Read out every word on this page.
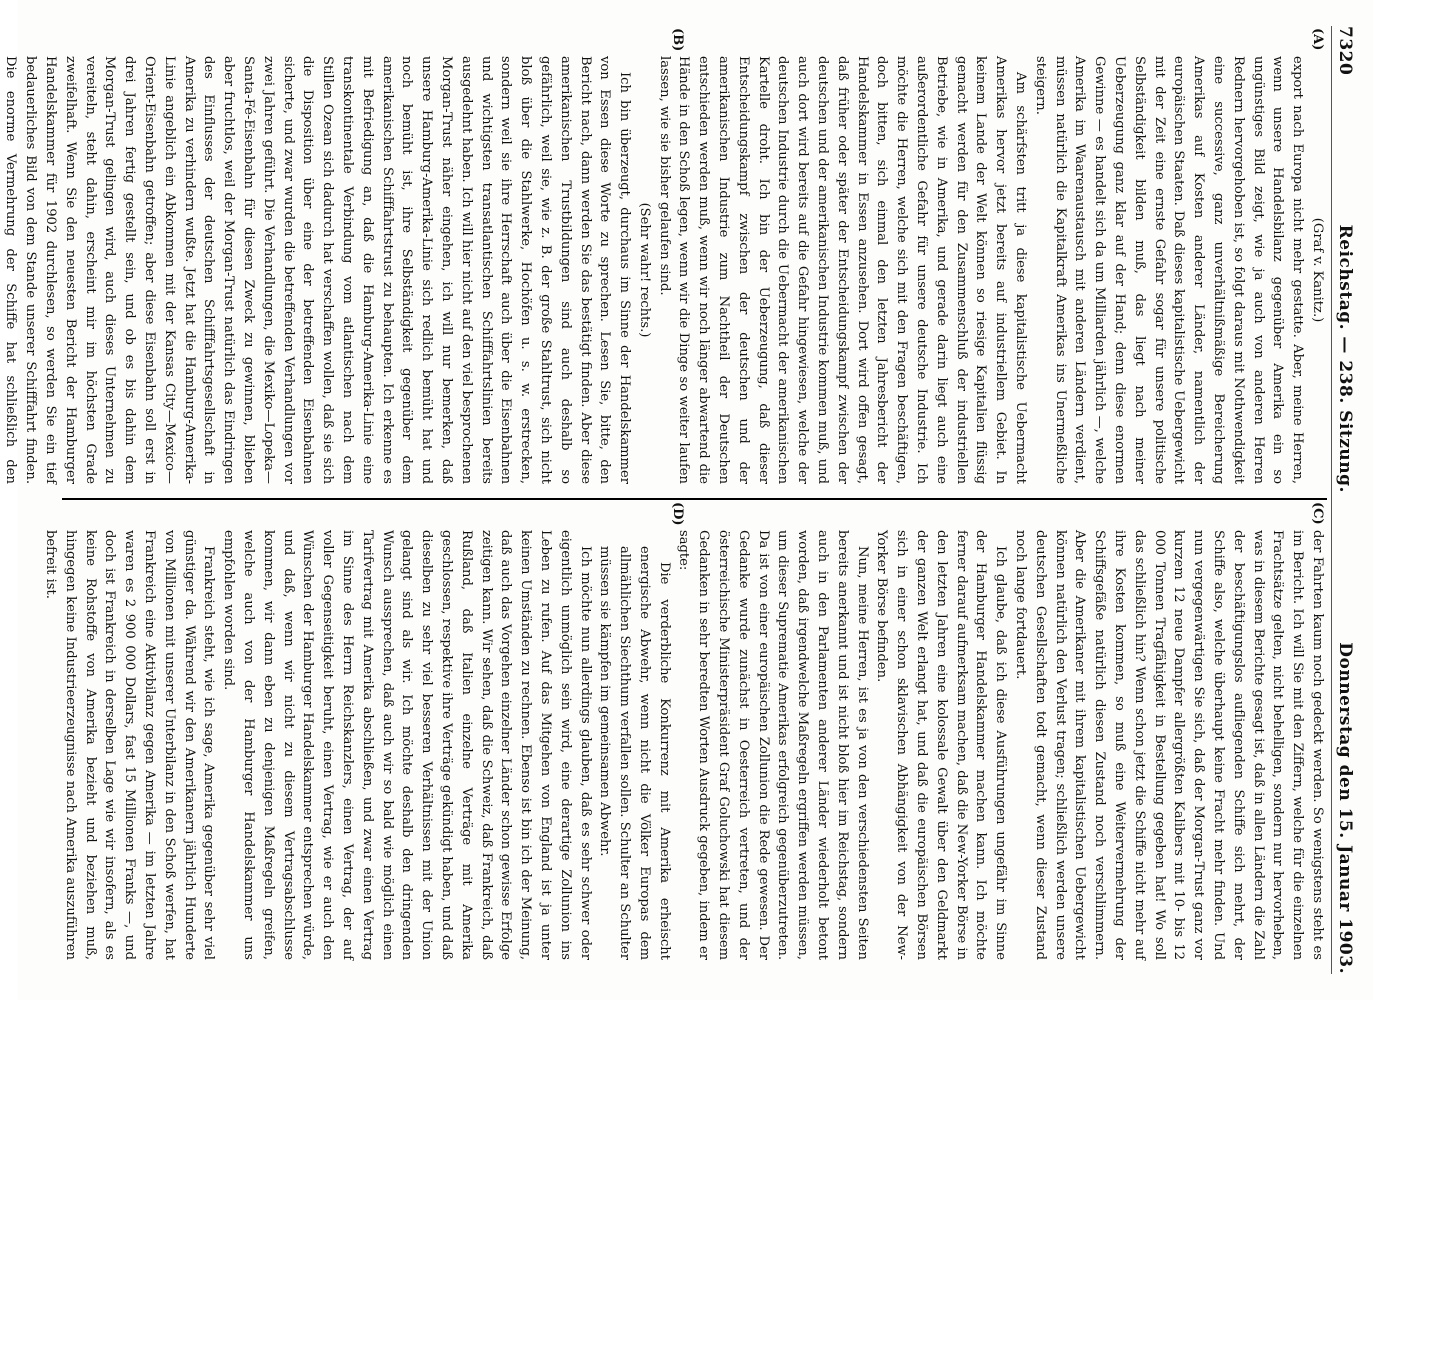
7320
Reichstag. — 238. Sitzung.
Donnerstag den 15. Januar 1903.
(A)
(B)

(Graf v. Kanitz.)

export nach Europa nicht mehr gestatte. Aber, meine Herren, wenn unsere Handelsbilanz gegenüber Amerika ein so ungünstiges Bild zeigt, wie ja auch von anderen Herren Rednern hervorgehoben ist, so folgt daraus mit Nothwendigkeit eine successive, ganz unverhältnißmäßige Bereicherung Amerikas auf Kosten anderer Länder, namentlich der europäischen Staaten. Daß dieses kapitalistische Uebergewicht mit der Zeit eine ernste Gefahr sogar für unsere politische Selbständigkeit bilden muß, das liegt nach meiner Ueberzeugung ganz klar auf der Hand; denn diese enormen Gewinne — es handelt sich da um Milliarden jährlich —, welche Amerika im Waarenaustausch mit anderen Ländern verdient, müssen natürlich die Kapitalkraft Amerikas ins Unermeßliche steigern.

Am schärfsten tritt ja diese kapitalistische Uebermacht Amerikas hervor jetzt bereits auf industriellem Gebiet. In keinem Lande der Welt können so riesige Kapitalien flüssig gemacht werden für den Zusammenschluß der industriellen Betriebe, wie in Amerika, und gerade darin liegt auch eine außerordentliche Gefahr für unsere deutsche Industrie. Ich möchte die Herren, welche sich mit den Fragen beschäftigen, doch bitten, sich einmal den letzten Jahresbericht der Handelskammer in Essen anzusehen. Dort wird offen gesagt, daß früher oder später der Entscheidungskampf zwischen der deutschen und der amerikanischen Industrie kommen muß, und auch dort wird bereits auf die Gefahr hingewiesen, welche der deutschen Industrie durch die Uebermacht der amerikanischen Kartelle droht. Ich bin der Ueberzeugung, daß dieser Entscheidungskampf zwischen der deutschen und der amerikanischen Industrie zum Nachtheil der Deutschen entschieden werden muß, wenn wir noch länger abwartend die Hände in den Schoß legen, wenn wir die Dinge so weiter laufen lassen, wie sie bisher gelaufen sind.

(Sehr wahr! rechts.)

Ich bin überzeugt, durchaus im Sinne der Handelskammer von Essen diese Worte zu sprechen. Lesen Sie, bitte, den Bericht nach, dann werden Sie das bestätigt finden. Aber diese amerikanischen Trustbildungen sind auch deshalb so gefährlich, weil sie, wie z. B. der große Stahltrust, sich nicht bloß über die Stahlwerke, Hochöfen u. s. w. erstrecken, sondern weil sie ihre Herrschaft auch über die Eisenbahnen und wichtigsten transatlantischen Schifffahrtslinien bereits ausgedehnt haben. Ich will hier nicht auf den viel besprochenen Morgan-Trust näher eingehen, ich will nur bemerken, daß unsere Hamburg-Amerika-Linie sich redlich bemüht hat und noch bemüht ist, ihre Selbständigkeit gegenüber dem amerikanischen Schifffahrtstrust zu behaupten. Ich erkenne es mit Befriedigung an, daß die Hamburg-Amerika-Linie eine transkontinentale Verbindung vom atlantischen nach dem Stillen Ozean sich dadurch hat verschaffen wollen, daß sie sich die Disposition über eine der betreffenden Eisenbahnen sicherte, und zwar wurden die betreffenden Verhandlungen vor zwei Jahren geführt. Die Verhandlungen, die Mexiko—Lopeka—Santa-Fé-Eisenbahn für diesen Zweck zu gewinnen, blieben aber fruchtlos, weil der Morgan-Trust natürlich das Eindringen des Einflusses der deutschen Schifffahrtsgesellschaft in Amerika zu verhindern wußte. Jetzt hat die Hamburg-Amerika-Linie angeblich ein Abkommen mit der Kansas City—Mexico—Orient-Eisenbahn getroffen; aber diese Eisenbahn soll erst in drei Jahren fertig gestellt sein, und ob es bis dahin dem Morgan-Trust gelingen wird, auch dieses Unternehmen zu vereiteln, steht dahin, erscheint mir im höchsten Grade zweifelhaft. Wenn Sie den neuesten Bericht der Hamburger Handelskammer für 1902 durchlesen, so werden Sie ein tief bedauerliches Bild von dem Stande unserer Schifffahrt finden. Die enorme Vermehrung der Schiffe hat schließlich den

(C)
(D)

der Fahrten kaum noch gedeckt werden. So wenigstens steht es im Bericht. Ich will Sie mit den Ziffern, welche für die einzelnen Frachtsätze gelten, nicht behelligen, sondern nur hervorheben, was in diesem Berichte gesagt ist, daß in allen Ländern die Zahl der beschäftigungslos aufliegenden Schiffe sich mehrt, der Schiffe also, welche überhaupt keine Fracht mehr finden. Und nun vergegenwärtigen Sie sich, daß der Morgan-Trust ganz vor kurzem 12 neue Dampfer allergrößten Kalibers mit 10- bis 12 000 Tonnen Tragfähigkeit in Bestellung gegeben hat! Wo soll das schließlich hin? Wenn schon jetzt die Schiffe nicht mehr auf ihre Kosten kommen, so muß eine Weitervermehrung der Schiffsgefäße natürlich diesen Zustand noch verschlimmern. Aber die Amerikaner mit ihrem kapitalistischen Uebergewicht können natürlich den Verlust tragen; schließlich werden unsere deutschen Gesellschaften todt gemacht, wenn dieser Zustand noch lange fortdauert.

Ich glaube, daß ich diese Ausführungen ungefähr im Sinne der Hamburger Handelskammer machen kann. Ich möchte ferner darauf aufmerksam machen, daß die New-Yorker Börse in den letzten Jahren eine kolossale Gewalt über den Geldmarkt der ganzen Welt erlangt hat, und daß die europäischen Börsen sich in einer schon sklavischen Abhängigkeit von der New-Yorker Börse befinden.

Nun, meine Herren, ist es ja von den verschiedensten Seiten bereits anerkannt und ist nicht bloß hier im Reichstag, sondern auch in den Parlamenten anderer Länder wiederholt betont worden, daß irgendwelche Maßregeln ergriffen werden müssen, um dieser Suprematie Amerikas erfolgreich gegenüberzutreten. Da ist von einer europäischen Zollunion die Rede gewesen. Der Gedanke wurde zunächst in Oesterreich vertreten, und der österreichische Ministerpräsident Graf Goluchowski hat diesem Gedanken in sehr beredten Worten Ausdruck gegeben, indem er sagte:

Die verderbliche Konkurrenz mit Amerika erheischt energische Abwehr, wenn nicht die Völker Europas dem allmählichen Siechthum verfallen sollen. Schulter an Schulter müssen sie kämpfen im gemeinsamen Abwehr.

Ich möchte nun allerdings glauben, daß es sehr schwer oder eigentlich unmöglich sein wird, eine derartige Zollunion ins Leben zu rufen. Auf das Mitgehen von England ist ja unter keinen Umständen zu rechnen. Ebenso ist bin ich der Meinung, daß auch das Vorgehen einzelner Länder schon gewisse Erfolge zeitigen kann. Wir sehen, daß die Schweiz, daß Frankreich, daß Rußland, daß Italien einzelne Verträge mit Amerika geschlossen, respektive ihre Verträge gekündigt haben, und daß dieselben zu sehr viel besseren Verhältnissen mit der Union gelangt sind als wir. Ich möchte deshalb den dringenden Wunsch aussprechen, daß auch wir so bald wie möglich einen Tarifvertrag mit Amerika abschließen, und zwar einen Vertrag im Sinne des Herrn Reichskanzlers, einen Vertrag, der auf voller Gegenseitigkeit beruht, einen Vertrag, wie er auch den Wünschen der Hamburger Handelskammer entsprechen würde, und daß, wenn wir nicht zu diesem Vertragsabschlusse kommen, wir dann eben zu denjenigen Maßregeln greifen, welche auch von der Hamburger Handelskammer uns empfohlen worden sind.

Frankreich steht, wie ich sage, Amerika gegenüber sehr viel günstiger da. Während wir den Amerikanern jährlich Hunderte von Millionen mit unserer Unterbilanz in den Schoß werfen, hat Frankreich eine Aktivbilanz gegen Amerika — im letzten Jahre waren es 2 900 000 Dollars, fast 15 Millionen Franks —, und doch ist Frankreich in derselben Lage wie wir insofern, als es keine Rohstoffe von Amerika bezieht und beziehen muß, hingegen keine Industrieerzeugnisse nach Amerika auszuführen befreit ist.
